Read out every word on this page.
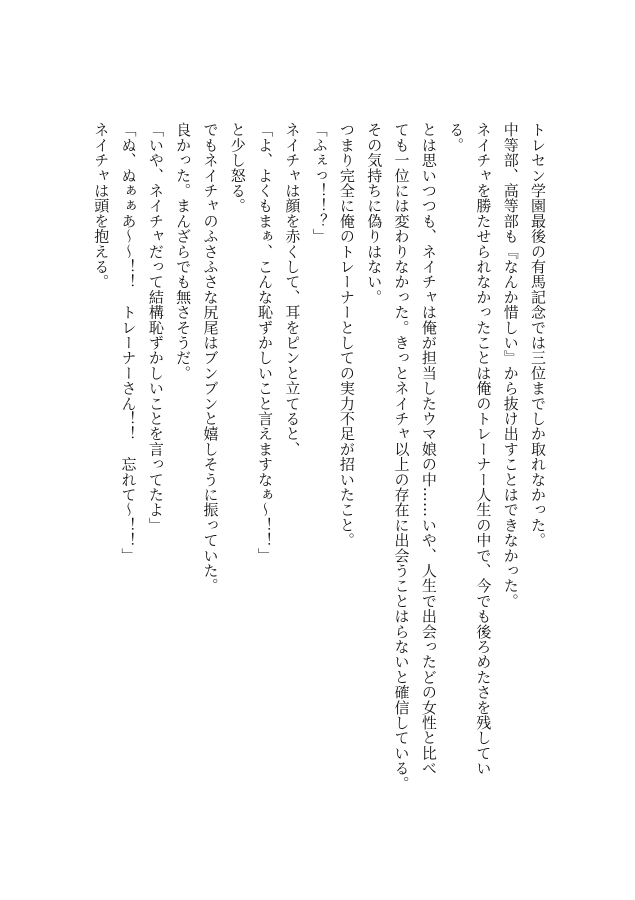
トレセン学園最後の有馬記念では三位までしか取れなかった。

中等部、高等部も『なんか惜しい』から抜け出すことはできなかった。

ネイチャを勝たせられなかったことは俺のトレーナー人生の中で、今でも後ろめたさを残してい

る。

とは思いつつも、ネイチャは俺が担当したウマ娘の中……いや、人生で出会ったどの女性と比べ

ても一位には変わりなかった。きっとネイチャ以上の存在に出会うことはらないと確信している。

その気持ちに偽りはない。

つまり完全に俺のトレーナーとしての実力不足が招いたこと。

「ふぇっ！！？」

ネイチャは顔を赤くして、耳をピンと立てると、

「よ、よくもまぁ、こんな恥ずかしいこと言えますなぁ～！！」

と少し怒る。

でもネイチャのふさふさな尻尾はブンブンと嬉しそうに振っていた。

良かった。まんざらでも無さそうだ。

「いや、ネイチャだって結構恥ずかしいことを言ってたよ」

「ぬ、ぬぁぁあ～～！！　トレーナーさん！！　忘れて～！！」

ネイチャは頭を抱える。
